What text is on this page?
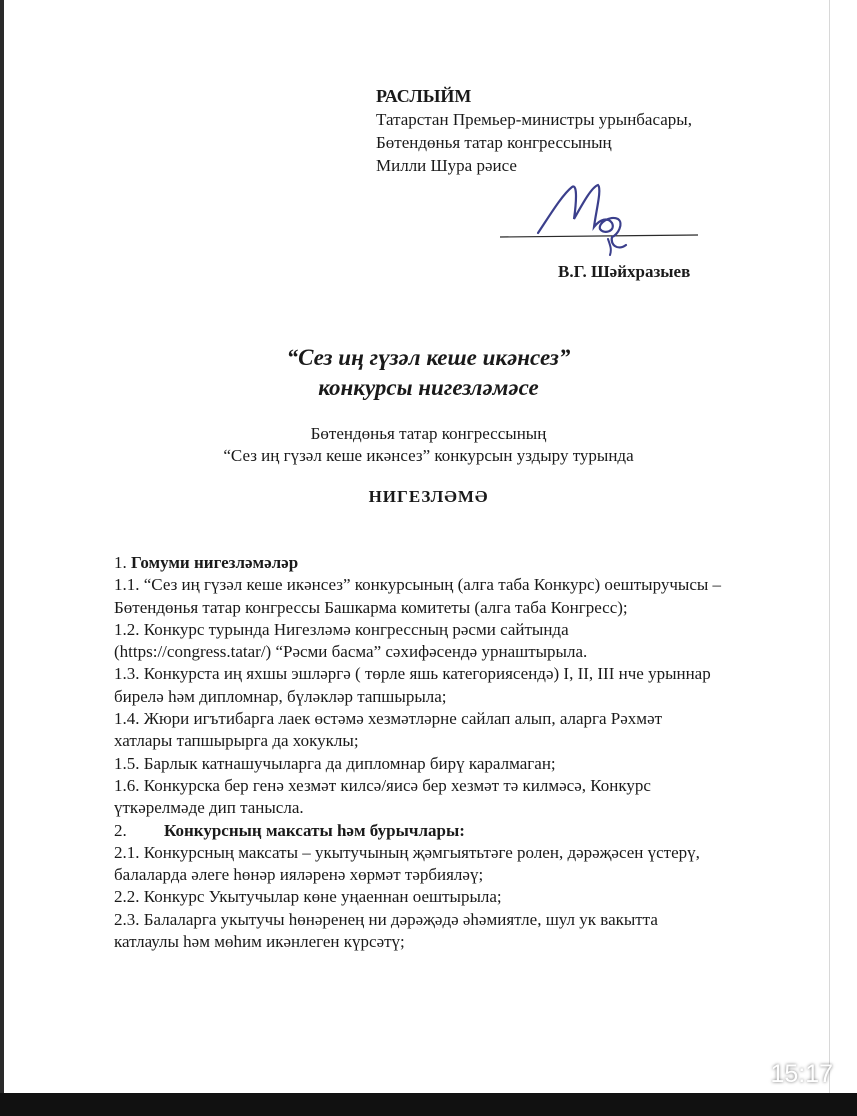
РАСЛЫЙМ
Татарстан Премьер-министры урынбасары,
Бөтендөнья татар конгрессының
Милли Шура рәисе
В.Г. Шәйхразыев
“Сез иң гүзәл кеше икәнсез”
конкурсы нигезләмәсе
Бөтендөнья татар конгрессының
“Сез иң гүзәл кеше икәнсез” конкурсын уздыру турында
НИГЕЗЛӘМӘ

1. Гомуми нигезләмәләр

1.1. “Сез иң гүзәл кеше икәнсез” конкурсының (алга таба Конкурс) оештыручысы – Бөтендөнья татар конгрессы Башкарма комитеты (алга таба Конгресс);

1.2. Конкурс турында Нигезләмә конгрессның рәсми сайтында (https://congress.tatar/) “Рәсми басма” сәхифәсендә урнаштырыла.

1.3. Конкурста иң яхшы эшләргә ( төрле яшь категориясендә) I, II, III нче урыннар бирелә һәм дипломнар, бүләкләр тапшырыла;

1.4. Жюри игътибарга лаек өстәмә хезмәтләрне сайлап алып, аларга Рәхмәт хатлары тапшырырга да хокуклы;

1.5. Барлык катнашучыларга да дипломнар бирү каралмаган;

1.6. Конкурска бер генә хезмәт килсә/яисә бер хезмәт тә килмәсә, Конкурс үткәрелмәде дип танысла.

2. Конкурсның максаты һәм бурычлары:

2.1. Конкурсның максаты – укытучының җәмгыятьтәге ролен, дәрәҗәсен үстерү, балаларда әлеге һөнәр ияләренә хөрмәт тәрбияләү;

2.2. Конкурс Укытучылар көне уңаеннан оештырыла;

2.3. Балаларга укытучы һөнәренең ни дәрәҗәдә әһәмиятле, шул ук вакытта катлаулы һәм мөһим икәнлеген күрсәтү;

15:17
